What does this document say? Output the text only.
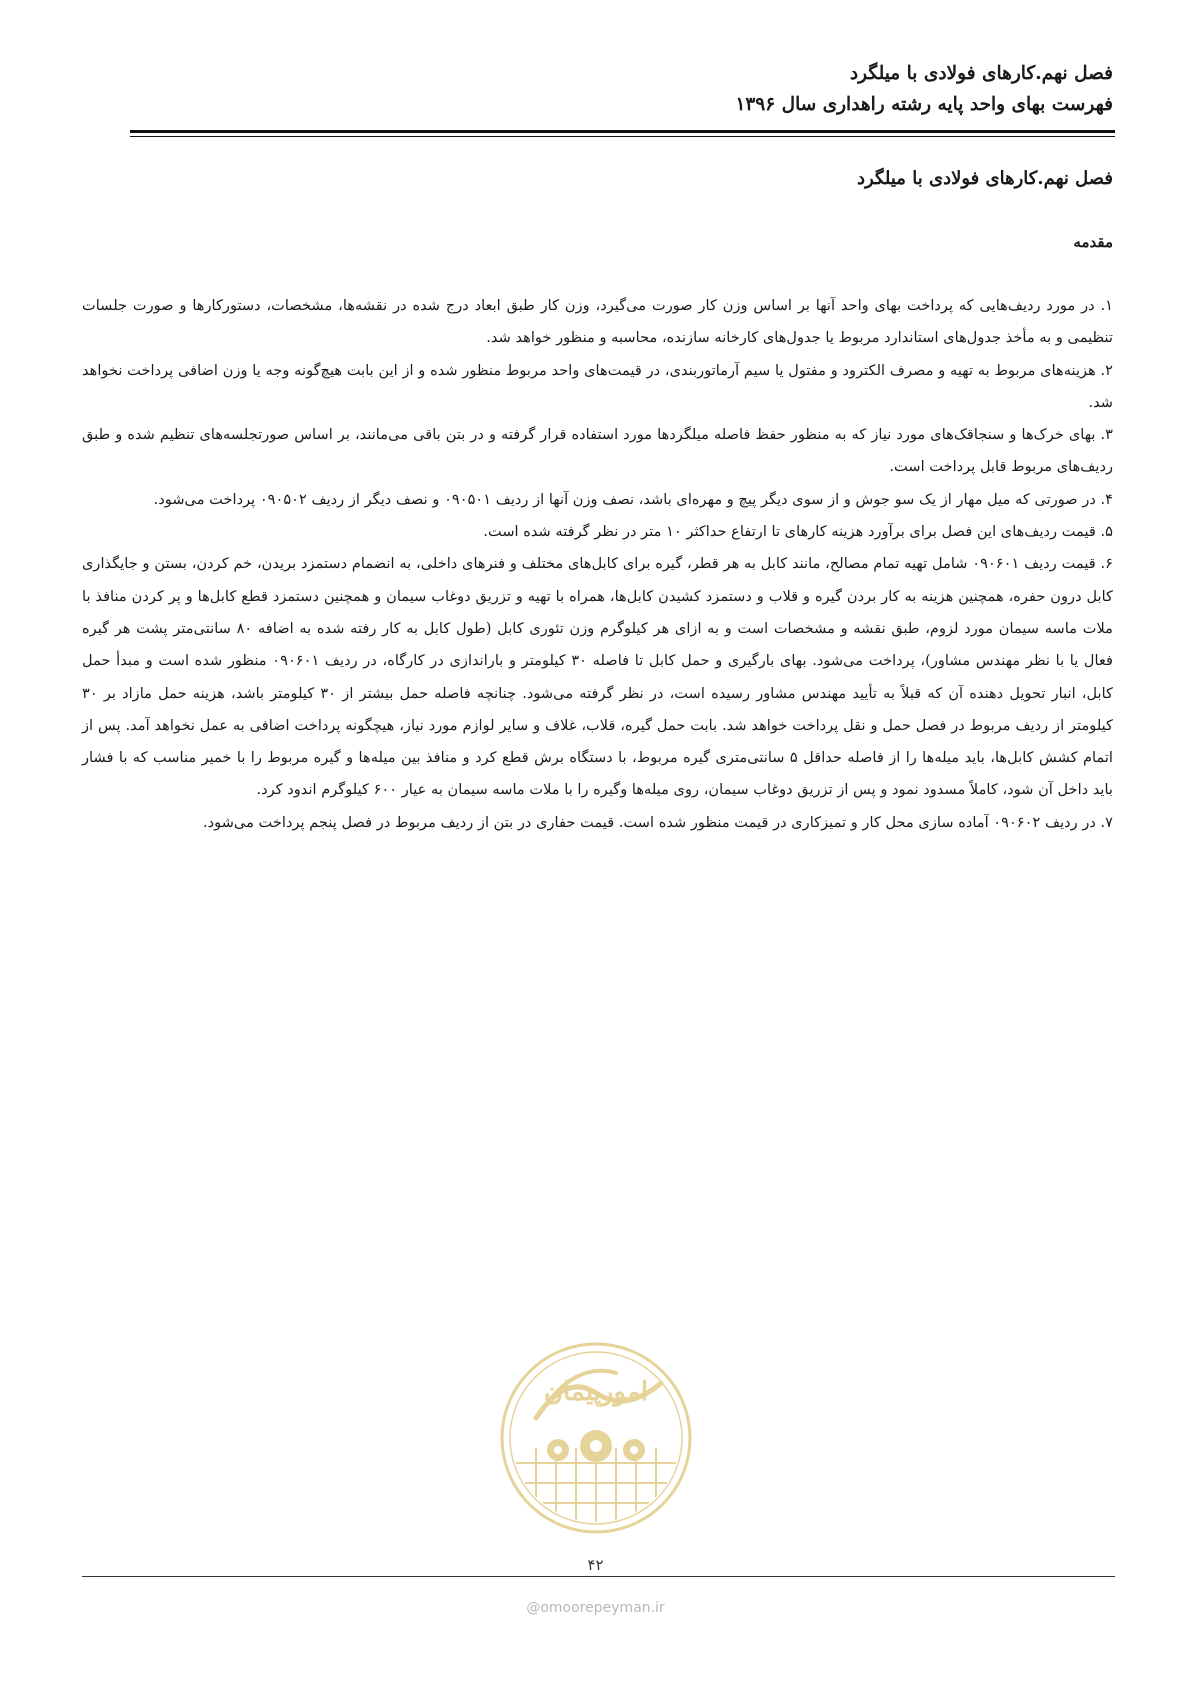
فصل نهم.کارهای فولادی با میلگرد
فهرست بهای واحد پایه رشته راهداری سال ۱۳۹۶
فصل نهم.کارهای فولادی با میلگرد
مقدمه

۱. در مورد ردیف‌هایی که پرداخت بهای واحد آنها بر اساس وزن کار صورت می‌گیرد، وزن کار طبق ابعاد درج شده در نقشه‌ها، مشخصات، دستورکارها و صورت جلسات تنظیمی و به مأخذ جدول‌های استاندارد مربوط یا جدول‌های کارخانه سازنده، محاسبه و منظور خواهد شد.

۲. هزینه‌های مربوط به تهیه و مصرف الکترود و مفتول یا سیم آرماتوربندی، در قیمت‌های واحد مربوط منظور شده و از این بابت هیچ‌گونه وجه یا وزن اضافی پرداخت نخواهد شد.

۳. بهای خرک‌ها و سنجاقک‌های مورد نیاز که به منظور حفظ فاصله میلگردها مورد استفاده قرار گرفته و در بتن باقی می‌مانند، بر اساس صورتجلسه‌های تنظیم شده و طبق ردیف‌های مربوط قابل پرداخت است.

۴. در صورتی که میل مهار از یک سو جوش و از سوی دیگر پیچ و مهره‌ای باشد، نصف وزن آنها از ردیف ۰۹۰۵۰۱ و نصف دیگر از ردیف ۰۹۰۵۰۲ پرداخت می‌شود.

۵. قیمت ردیف‌های این فصل برای برآورد هزینه کارهای تا ارتفاع حداکثر ۱۰ متر در نظر گرفته شده است.

۶. قیمت ردیف ۰۹۰۶۰۱ شامل تهیه تمام مصالح، مانند کابل به هر قطر، گیره برای کابل‌های مختلف و فنرهای داخلی، به انضمام دستمزد بریدن، خم کردن، بستن و جایگذاری کابل درون حفره، همچنین هزینه به کار بردن گیره و قلاب و دستمزد کشیدن کابل‌ها، همراه با تهیه و تزریق دوغاب سیمان و همچنین دستمزد قطع کابل‌ها و پر کردن منافذ با ملات ماسه سیمان مورد لزوم، طبق نقشه و مشخصات است و به ازای هر کیلوگرم وزن تئوری کابل (طول کابل به کار رفته شده به اضافه ۸۰ سانتی‌متر پشت هر گیره فعال یا با نظر مهندس مشاور)، پرداخت می‌شود. بهای بارگیری و حمل کابل تا فاصله ۳۰ کیلومتر و باراندازی در کارگاه، در ردیف ۰۹۰۶۰۱ منظور شده است و مبدأ حمل کابل، انبار تحویل دهنده آن که قبلاً به تأیید مهندس مشاور رسیده است، در نظر گرفته می‌شود. چنانچه فاصله حمل بیشتر از ۳۰ کیلومتر باشد، هزینه حمل مازاد بر ۳۰ کیلومتر از ردیف مربوط در فصل حمل و نقل پرداخت خواهد شد. بابت حمل گیره، قلاب، غلاف و سایر لوازم مورد نیاز، هیچگونه پرداخت اضافی به عمل نخواهد آمد. پس از اتمام کشش کابل‌ها، باید میله‌ها را از فاصله حداقل ۵ سانتی‌متری گیره مربوط، با دستگاه برش قطع کرد و منافذ بین میله‌ها و گیره مربوط را با خمیر مناسب که با فشار باید داخل آن شود، کاملاً مسدود نمود و پس از تزریق دوغاب سیمان، روی میله‌ها وگیره را با ملات ماسه سیمان به عیار ۶۰۰ کیلوگرم اندود کرد.

۷. در ردیف ۰۹۰۶۰۲ آماده سازی محل کار و تمیزکاری در قیمت منظور شده است. قیمت حفاری در بتن از ردیف مربوط در فصل پنجم پرداخت می‌شود.

امورپیمان
۴۲
@omoorepeyman.ir
